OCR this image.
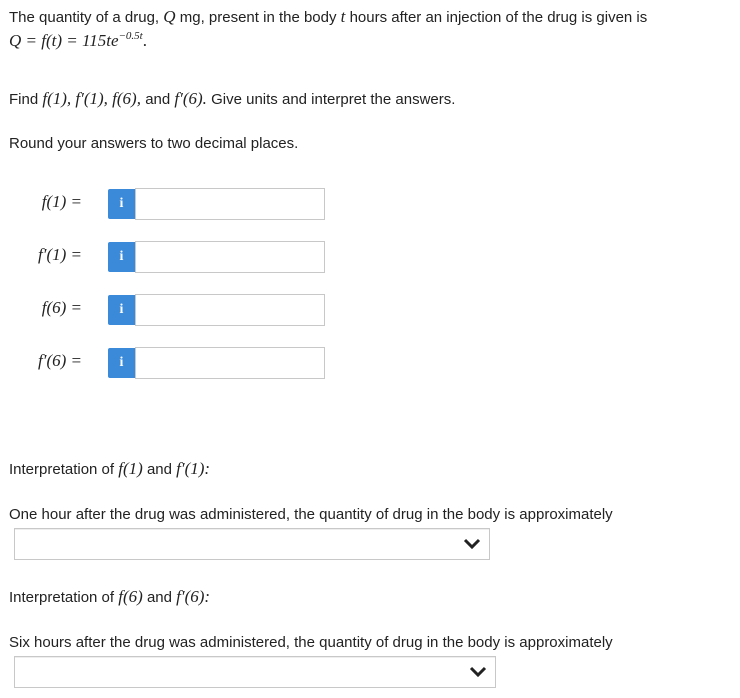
The quantity of a drug, Q mg, present in the body t hours after an injection of the drug is given is
$Q = f(t) = 115te^{-0.5t}$.
Find f(1), f′(1), f(6), and f′(6). Give units and interpret the answers.
Round your answers to two decimal places.
f(1) =	i
f′(1) =	i
f(6) =	i
f′(6) =	i
Interpretation of f(1) and f′(1):
One hour after the drug was administered, the quantity of drug in the body is approximately
Interpretation of f(6) and f′(6):
Six hours after the drug was administered, the quantity of drug in the body is approximately
